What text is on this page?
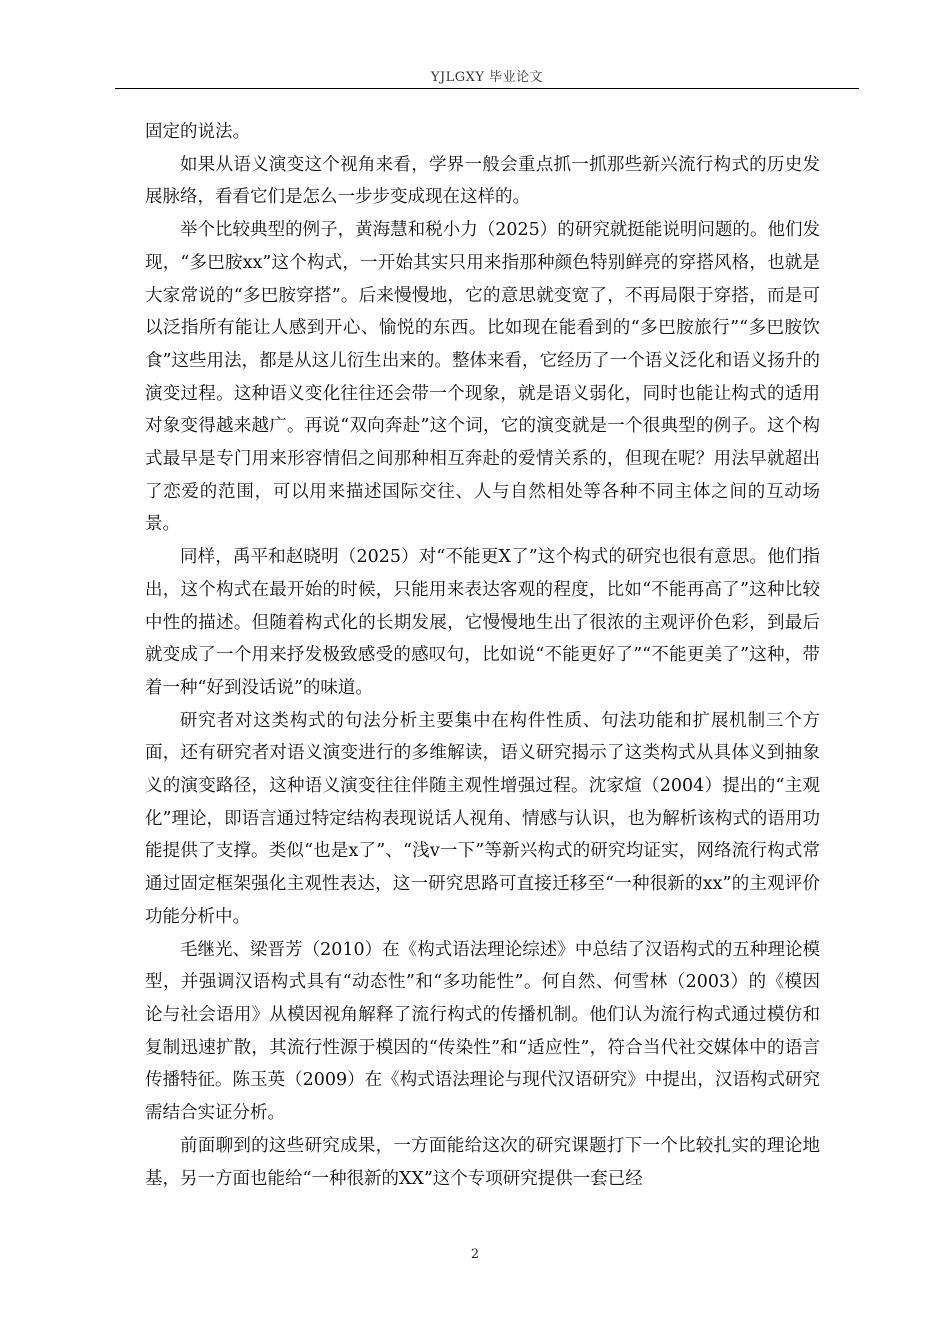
YJLGXY 毕业论文

固定的说法。

如果从语义演变这个视角来看，学界一般会重点抓一抓那些新兴流行构式的历史发展脉络，看看它们是怎么一步步变成现在这样的。

举个比较典型的例子，黄海慧和税小力（2025）的研究就挺能说明问题的。他们发现，“多巴胺xx”这个构式，一开始其实只用来指那种颜色特别鲜亮的穿搭风格，也就是大家常说的“多巴胺穿搭”。后来慢慢地，它的意思就变宽了，不再局限于穿搭，而是可以泛指所有能让人感到开心、愉悦的东西。比如现在能看到的“多巴胺旅行”“多巴胺饮食”这些用法，都是从这儿衍生出来的。整体来看，它经历了一个语义泛化和语义扬升的演变过程。这种语义变化往往还会带一个现象，就是语义弱化，同时也能让构式的适用对象变得越来越广。再说“双向奔赴”这个词，它的演变就是一个很典型的例子。这个构式最早是专门用来形容情侣之间那种相互奔赴的爱情关系的，但现在呢？用法早就超出了恋爱的范围，可以用来描述国际交往、人与自然相处等各种不同主体之间的互动场景。

同样，禹平和赵晓明（2025）对“不能更X了”这个构式的研究也很有意思。他们指出，这个构式在最开始的时候，只能用来表达客观的程度，比如“不能再高了”这种比较中性的描述。但随着构式化的长期发展，它慢慢地生出了很浓的主观评价色彩，到最后就变成了一个用来抒发极致感受的感叹句，比如说“不能更好了”“不能更美了”这种，带着一种“好到没话说”的味道。

研究者对这类构式的句法分析主要集中在构件性质、句法功能和扩展机制三个方面，还有研究者对语义演变进行的多维解读，语义研究揭示了这类构式从具体义到抽象义的演变路径，这种语义演变往往伴随主观性增强过程。沈家煊（2004）提出的“主观化”理论，即语言通过特定结构表现说话人视角、情感与认识，也为解析该构式的语用功能提供了支撑。类似“也是x了”、“浅v一下”等新兴构式的研究均证实，网络流行构式常通过固定框架强化主观性表达，这一研究思路可直接迁移至“一种很新的xx”的主观评价功能分析中。

毛继光、梁晋芳（2010）在《构式语法理论综述》中总结了汉语构式的五种理论模型，并强调汉语构式具有“动态性”和“多功能性”。何自然、何雪林（2003）的《模因论与社会语用》从模因视角解释了流行构式的传播机制。他们认为流行构式通过模仿和复制迅速扩散，其流行性源于模因的“传染性”和“适应性”，符合当代社交媒体中的语言传播特征。陈玉英（2009）在《构式语法理论与现代汉语研究》中提出，汉语构式研究需结合实证分析。

前面聊到的这些研究成果，一方面能给这次的研究课题打下一个比较扎实的理论地基，另一方面也能给“一种很新的XX”这个专项研究提供一套已经

2
